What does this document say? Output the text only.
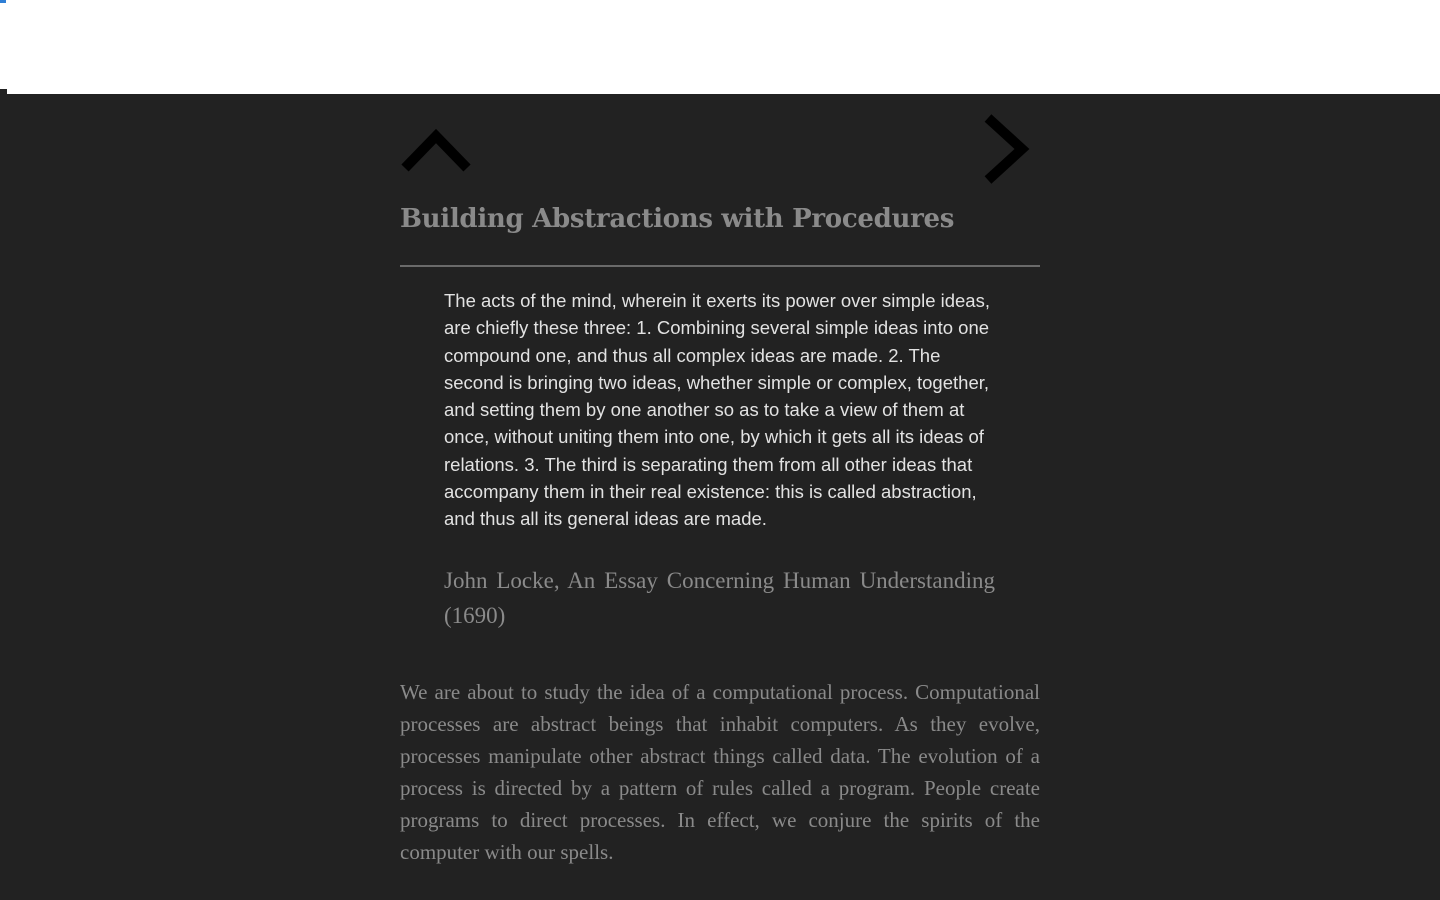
Building Abstractions with Procedures

The acts of the mind, wherein it exerts its power over simple ideas, are chiefly these three: 1. Combining several simple ideas into one compound one, and thus all complex ideas are made. 2. The second is bringing two ideas, whether simple or complex, together, and setting them by one another so as to take a view of them at once, without uniting them into one, by which it gets all its ideas of relations. 3. The third is separating them from all other ideas that accompany them in their real existence: this is called abstraction, and thus all its general ideas are made.

John Locke, An Essay Concerning Human Understanding (1690)

We are about to study the idea of a computational process. Computational processes are abstract beings that inhabit computers. As they evolve, processes manipulate other abstract things called data. The evolution of a process is directed by a pattern of rules called a program. People create programs to direct processes. In effect, we conjure the spirits of the computer with our spells.
